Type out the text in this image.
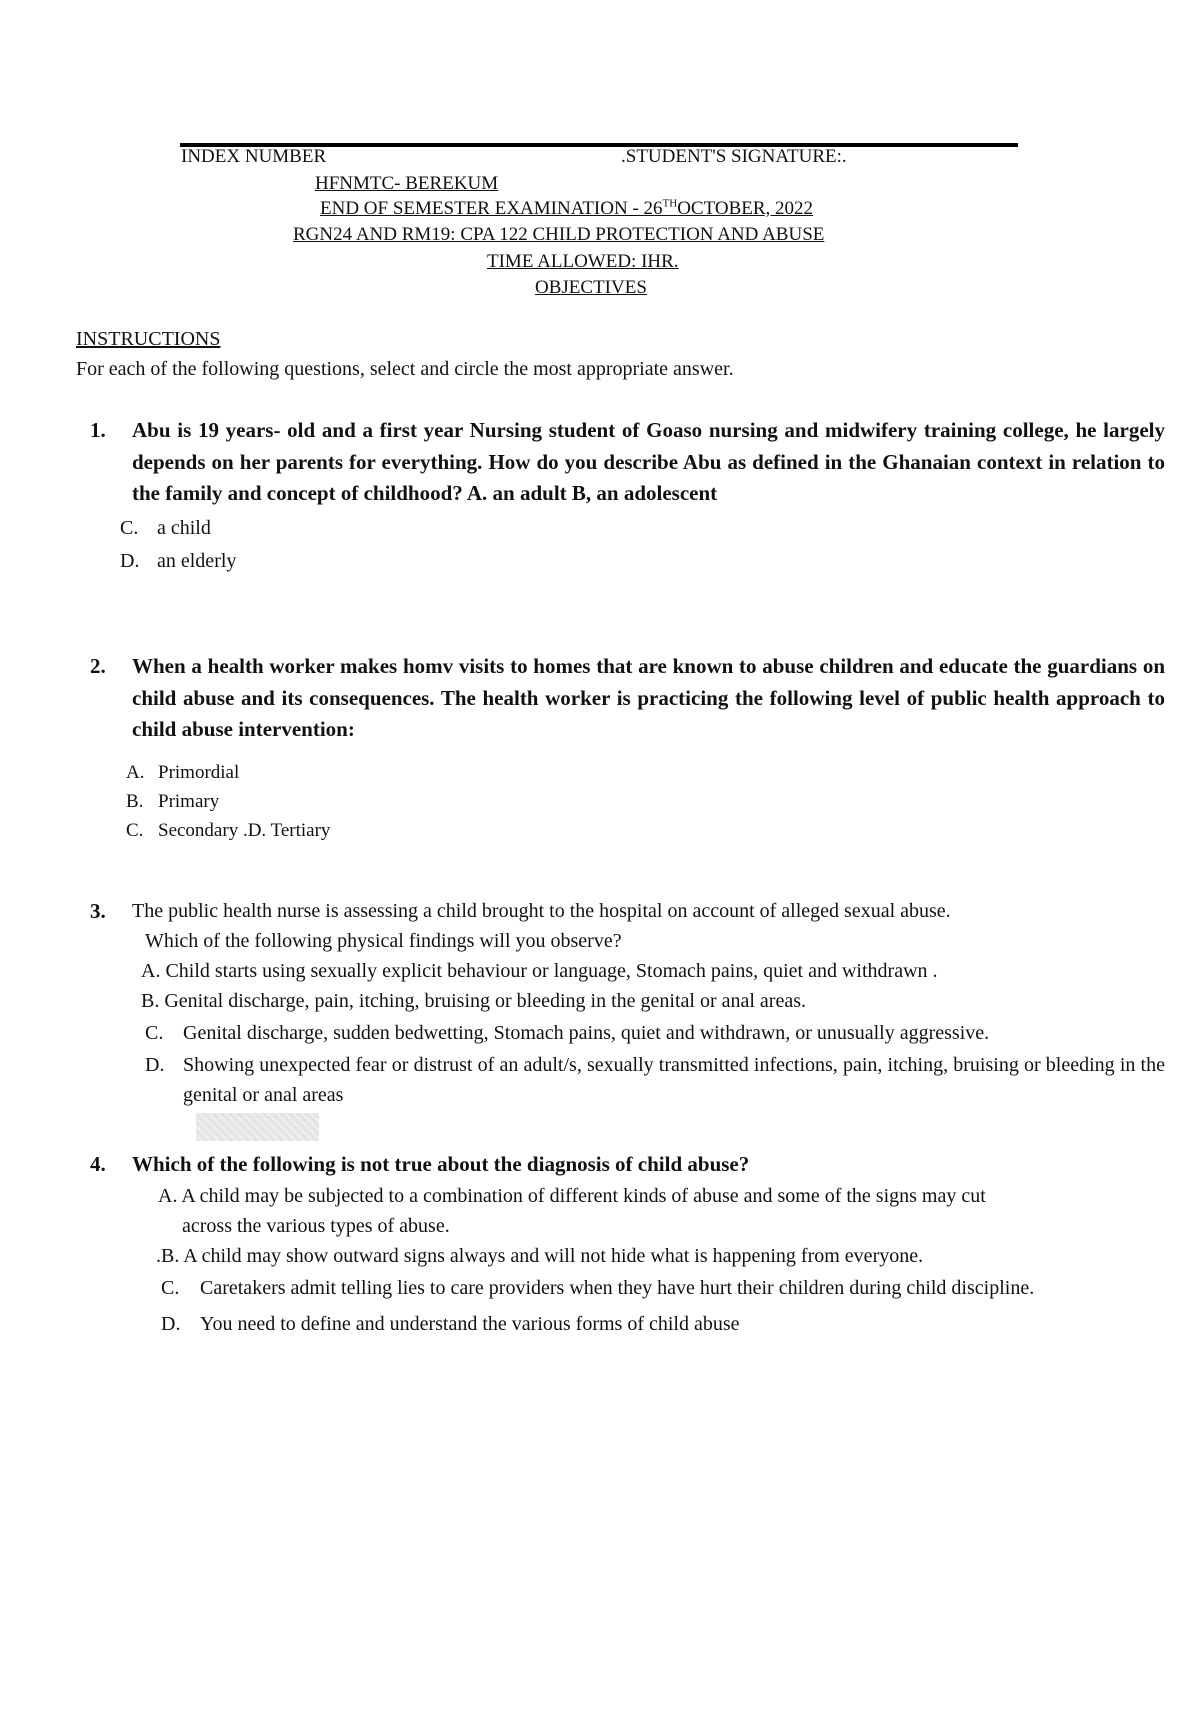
INDEX NUMBER	.STUDENT'S SIGNATURE:.
HFNMTC- BEREKUM
END OF SEMESTER EXAMINATION - 26THOCTOBER, 2022
RGN24 AND RM19: CPA 122 CHILD PROTECTION AND ABUSE
TIME ALLOWED: IHR.
OBJECTIVES
INSTRUCTIONS
For each of the following questions, select and circle the most appropriate answer.
1. Abu is 19 years- old and a first year Nursing student of Goaso nursing and midwifery training college, he largely depends on her parents for everything. How do you describe Abu as defined in the Ghanaian context in relation to the family and concept of childhood? A. an adult B, an adolescent
C. a child
D. an elderly
2. When a health worker makes homv visits to homes that are known to abuse children and educate the guardians on child abuse and its consequences. The health worker is practicing the following level of public health approach to child abuse intervention:
A. Primordial
B. Primary
C. Secondary .D. Tertiary
3. The public health nurse is assessing a child brought to the hospital on account of alleged sexual abuse.
Which of the following physical findings will you observe?
A. Child starts using sexually explicit behaviour or language, Stomach pains, quiet and withdrawn .
B. Genital discharge, pain, itching, bruising or bleeding in the genital or anal areas.
C. Genital discharge, sudden bedwetting, Stomach pains, quiet and withdrawn, or unusually aggressive.
D. Showing unexpected fear or distrust of an adult/s, sexually transmitted infections, pain, itching, bruising or bleeding in the genital or anal areas
4. Which of the following is not true about the diagnosis of child abuse?
A. A child may be subjected to a combination of different kinds of abuse and some of the signs may cut
across the various types of abuse.
.B. A child may show outward signs always and will not hide what is happening from everyone.
C. Caretakers admit telling lies to care providers when they have hurt their children during child discipline.
D. You need to define and understand the various forms of child abuse
